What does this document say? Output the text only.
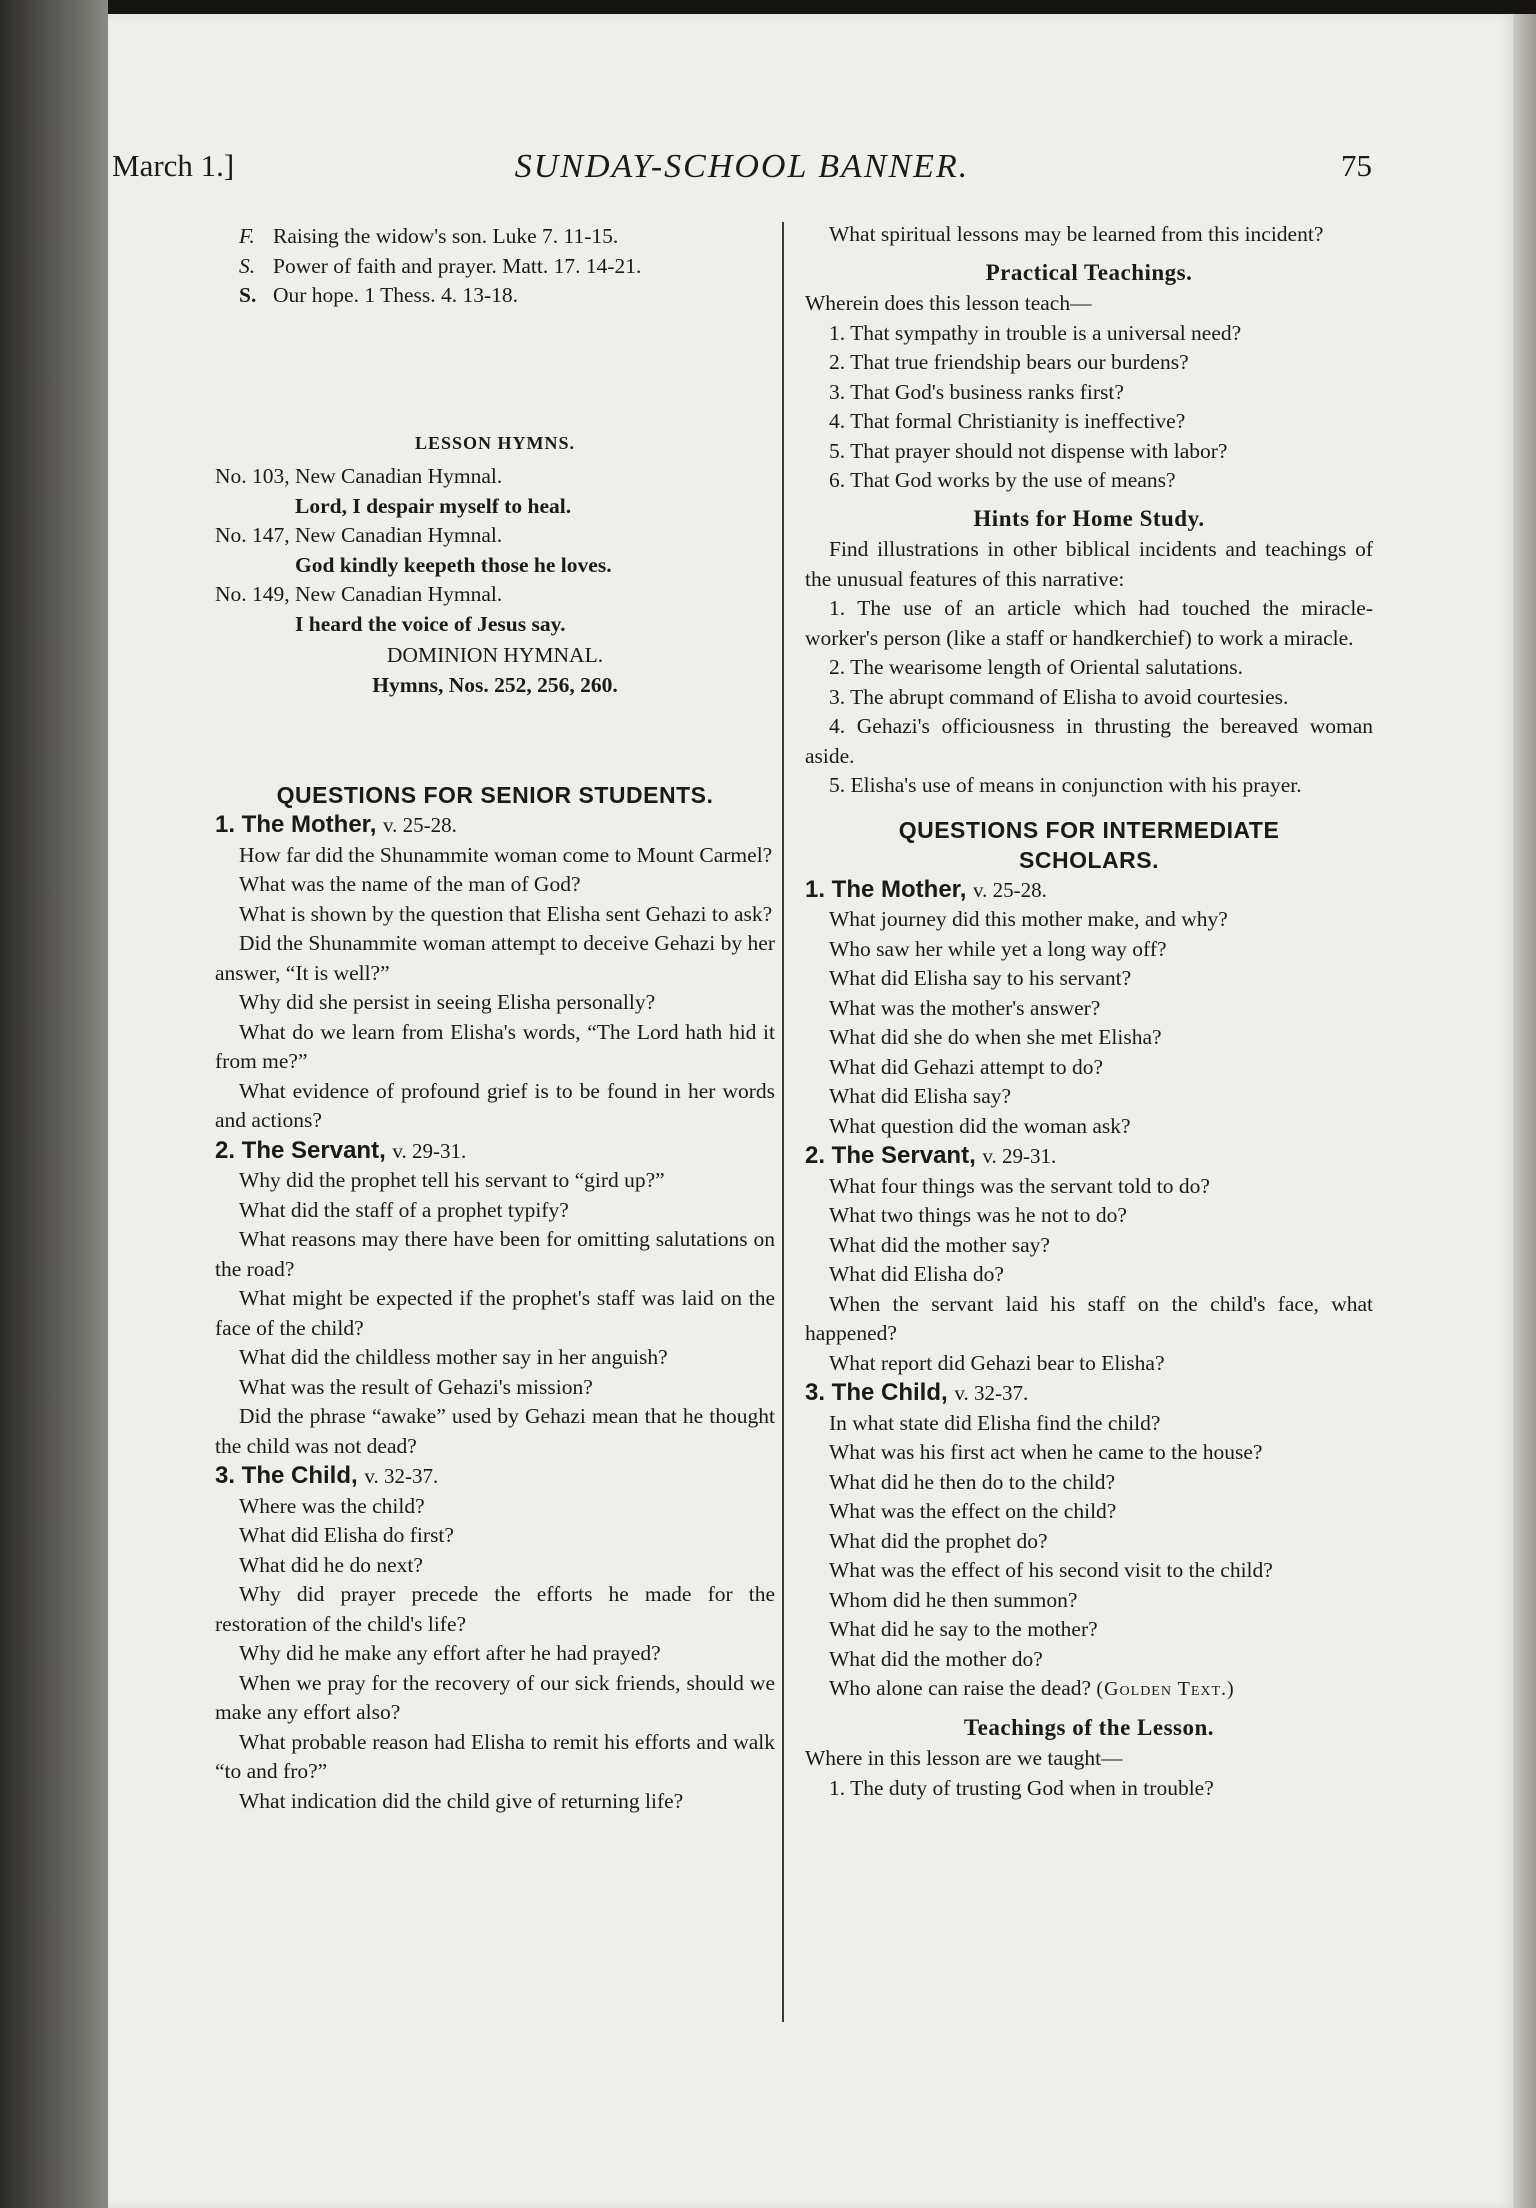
March 1.]	SUNDAY-SCHOOL BANNER.	75

F. Raising the widow's son. Luke 7. 11-15.

S. Power of faith and prayer. Matt. 17. 14-21.

S. Our hope. 1 Thess. 4. 13-18.

LESSON HYMNS.

No. 103, New Canadian Hymnal.

Lord, I despair myself to heal.

No. 147, New Canadian Hymnal.

God kindly keepeth those he loves.

No. 149, New Canadian Hymnal.

I heard the voice of Jesus say.

DOMINION HYMNAL.

Hymns, Nos. 252, 256, 260.

QUESTIONS FOR SENIOR STUDENTS.

1. The Mother, v. 25-28.

How far did the Shunammite woman come to Mount Carmel?

What was the name of the man of God?

What is shown by the question that Elisha sent Gehazi to ask?

Did the Shunammite woman attempt to deceive Gehazi by her answer, “It is well?”

Why did she persist in seeing Elisha personally?

What do we learn from Elisha's words, “The Lord hath hid it from me?”

What evidence of profound grief is to be found in her words and actions?

2. The Servant, v. 29-31.

Why did the prophet tell his servant to “gird up?”

What did the staff of a prophet typify?

What reasons may there have been for omitting salutations on the road?

What might be expected if the prophet's staff was laid on the face of the child?

What did the childless mother say in her anguish?

What was the result of Gehazi's mission?

Did the phrase “awake” used by Gehazi mean that he thought the child was not dead?

3. The Child, v. 32-37.

Where was the child?

What did Elisha do first?

What did he do next?

Why did prayer precede the efforts he made for the restoration of the child's life?

Why did he make any effort after he had prayed?

When we pray for the recovery of our sick friends, should we make any effort also?

What probable reason had Elisha to remit his efforts and walk “to and fro?”

What indication did the child give of returning life?

What spiritual lessons may be learned from this incident?

Practical Teachings.

Wherein does this lesson teach—

1. That sympathy in trouble is a universal need?

2. That true friendship bears our burdens?

3. That God's business ranks first?

4. That formal Christianity is ineffective?

5. That prayer should not dispense with labor?

6. That God works by the use of means?

Hints for Home Study.

Find illustrations in other biblical incidents and teachings of the unusual features of this narrative:

1. The use of an article which had touched the miracle-worker's person (like a staff or handkerchief) to work a miracle.

2. The wearisome length of Oriental salutations.

3. The abrupt command of Elisha to avoid courtesies.

4. Gehazi's officiousness in thrusting the bereaved woman aside.

5. Elisha's use of means in conjunction with his prayer.

QUESTIONS FOR INTERMEDIATE
SCHOLARS.

1. The Mother, v. 25-28.

What journey did this mother make, and why?

Who saw her while yet a long way off?

What did Elisha say to his servant?

What was the mother's answer?

What did she do when she met Elisha?

What did Gehazi attempt to do?

What did Elisha say?

What question did the woman ask?

2. The Servant, v. 29-31.

What four things was the servant told to do?

What two things was he not to do?

What did the mother say?

What did Elisha do?

When the servant laid his staff on the child's face, what happened?

What report did Gehazi bear to Elisha?

3. The Child, v. 32-37.

In what state did Elisha find the child?

What was his first act when he came to the house?

What did he then do to the child?

What was the effect on the child?

What did the prophet do?

What was the effect of his second visit to the child?

Whom did he then summon?

What did he say to the mother?

What did the mother do?

Who alone can raise the dead? (Golden Text.)

Teachings of the Lesson.

Where in this lesson are we taught—

1. The duty of trusting God when in trouble?
